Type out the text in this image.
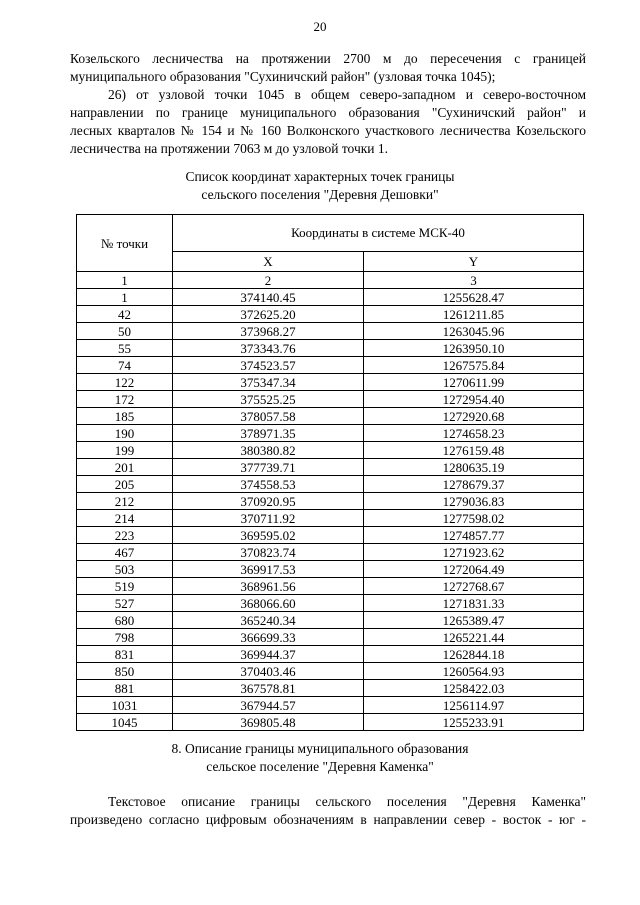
20

Козельского лесничества на протяжении 2700 м до пересечения с границей

муниципального образования "Сухиничский район" (узловая точка 1045);

26) от узловой точки 1045 в общем северо-западном и северо-восточном

направлении по границе муниципального образования "Сухиничский район" и

лесных кварталов № 154 и № 160 Волконского участкового лесничества Козельского

лесничества на протяжении 7063 м до узловой точки 1.

Список координат характерных точек границы
сельского поселения "Деревня Дешовки"
№ точки	Координаты в системе МСК-40	
	X	Y
1	2	3
1	374140.45	1255628.47
42	372625.20	1261211.85
50	373968.27	1263045.96
55	373343.76	1263950.10
74	374523.57	1267575.84
122	375347.34	1270611.99
172	375525.25	1272954.40
185	378057.58	1272920.68
190	378971.35	1274658.23
199	380380.82	1276159.48
201	377739.71	1280635.19
205	374558.53	1278679.37
212	370920.95	1279036.83
214	370711.92	1277598.02
223	369595.02	1274857.77
467	370823.74	1271923.62
503	369917.53	1272064.49
519	368961.56	1272768.67
527	368066.60	1271831.33
680	365240.34	1265389.47
798	366699.33	1265221.44
831	369944.37	1262844.18
850	370403.46	1260564.93
881	367578.81	1258422.03
1031	367944.57	1256114.97
1045	369805.48	1255233.91
8. Описание границы муниципального образования
сельское поселение "Деревня Каменка"

Текстовое описание границы сельского поселения "Деревня Каменка"

произведено согласно цифровым обозначениям в направлении север - восток - юг -
